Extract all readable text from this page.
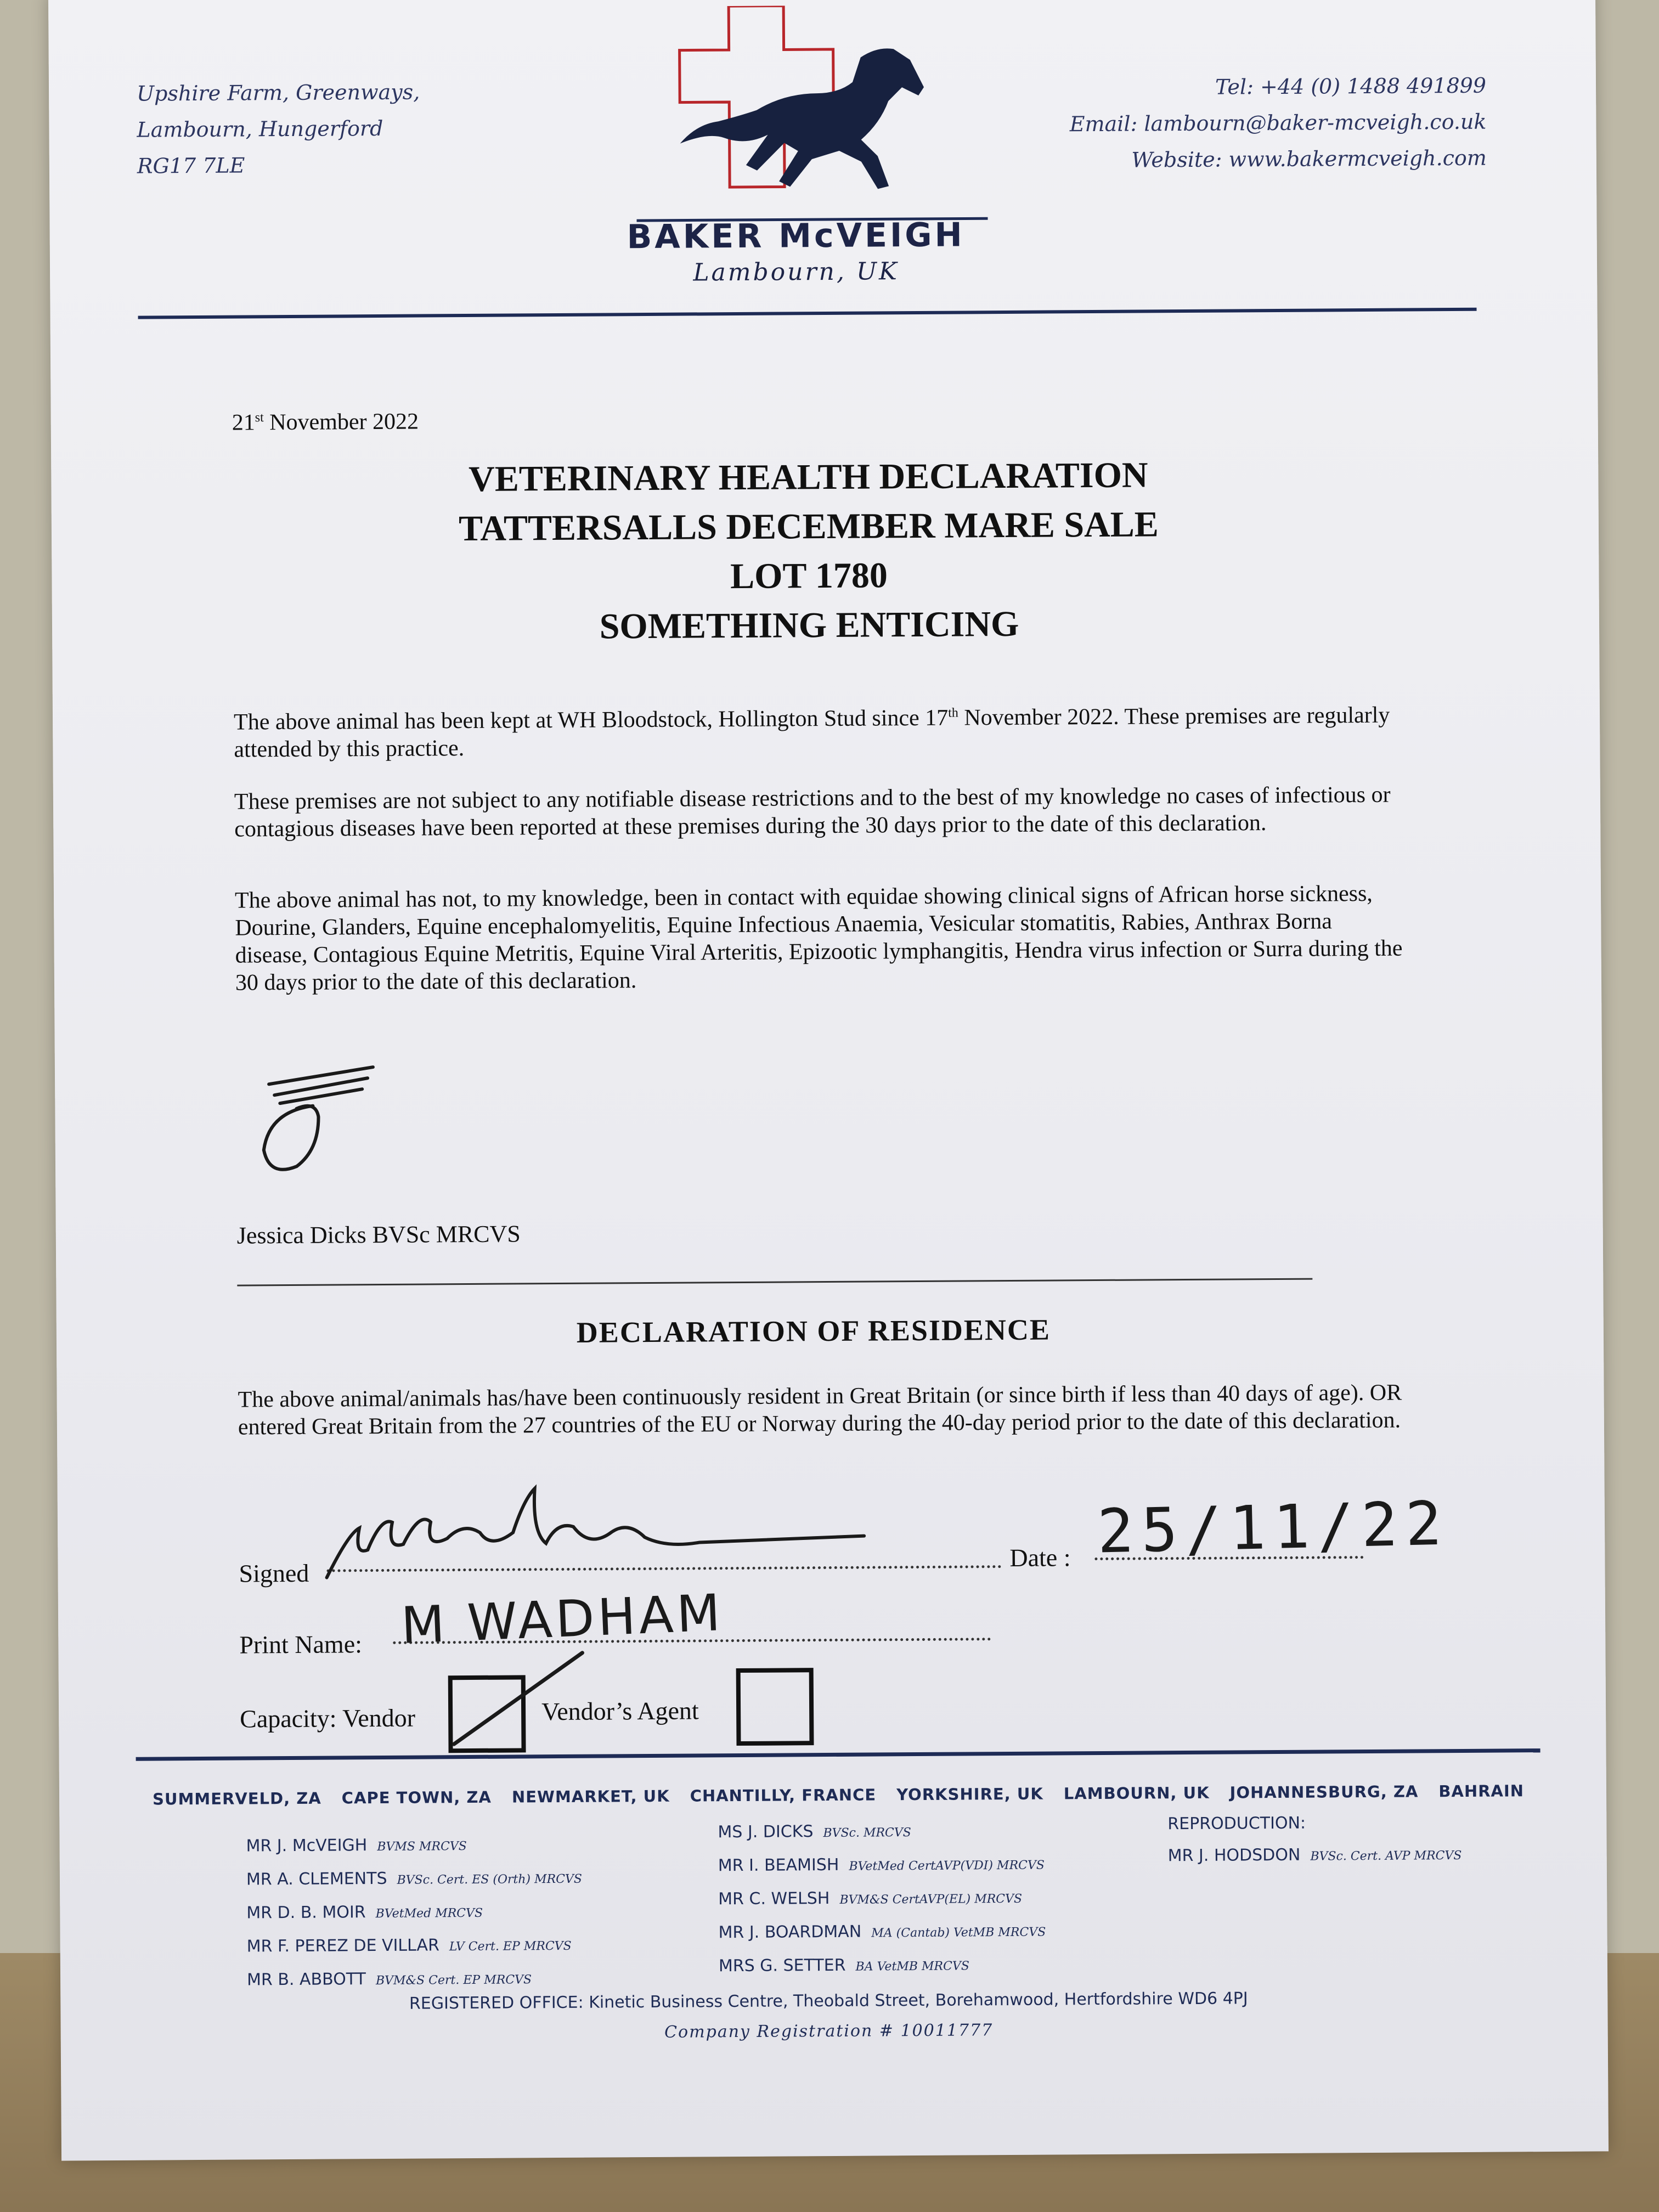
Upshire Farm, Greenways,
Lambourn, Hungerford
RG17 7LE
Tel: +44 (0) 1488 491899
Email: lambourn@baker-mcveigh.co.uk
Website: www.bakermcveigh.com
BAKER McVEIGH
Lambourn, UK
21st November 2022
VETERINARY HEALTH DECLARATION
TATTERSALLS DECEMBER MARE SALE
LOT 1780
SOMETHING ENTICING
The above animal has been kept at WH Bloodstock, Hollington Stud since 17th November 2022. These premises are regularly attended by this practice.
These premises are not subject to any notifiable disease restrictions and to the best of my knowledge no cases of infectious or contagious diseases have been reported at these premises during the 30 days prior to the date of this declaration.
The above animal has not, to my knowledge, been in contact with equidae showing clinical signs of African horse sickness, Dourine, Glanders, Equine encephalomyelitis, Equine Infectious Anaemia, Vesicular stomatitis, Rabies, Anthrax Borna disease, Contagious Equine Metritis, Equine Viral Arteritis, Epizootic lymphangitis, Hendra virus infection or Surra during the 30 days prior to the date of this declaration.
Jessica Dicks BVSc MRCVS
DECLARATION OF RESIDENCE
The above animal/animals has/have been continuously resident in Great Britain (or since birth if less than 40 days of age). OR entered Great Britain from the 27 countries of the EU or Norway during the 40-day period prior to the date of this declaration.
Signed
Date : 25/11/22
Print Name: M WADHAM
Capacity: Vendor	Vendor’s Agent
SUMMERVELD, ZA CAPE TOWN, ZA NEWMARKET, UK CHANTILLY, FRANCE YORKSHIRE, UK LAMBOURN, UK JOHANNESBURG, ZA BAHRAIN
MR J. McVEIGH BVMS MRCVS
MR A. CLEMENTS BVSc. Cert. ES (Orth) MRCVS
MR D. B. MOIR BVetMed MRCVS
MR F. PEREZ DE VILLAR LV Cert. EP MRCVS
MR B. ABBOTT BVM&S Cert. EP MRCVS
MS J. DICKS BVSc. MRCVS
MR I. BEAMISH BVetMed CertAVP(VDI) MRCVS
MR C. WELSH BVM&S CertAVP(EL) MRCVS
MR J. BOARDMAN MA (Cantab) VetMB MRCVS
MRS G. SETTER BA VetMB MRCVS
REPRODUCTION:
MR J. HODSDON BVSc. Cert. AVP MRCVS
REGISTERED OFFICE: Kinetic Business Centre, Theobald Street, Borehamwood, Hertfordshire WD6 4PJ
Company Registration # 10011777
